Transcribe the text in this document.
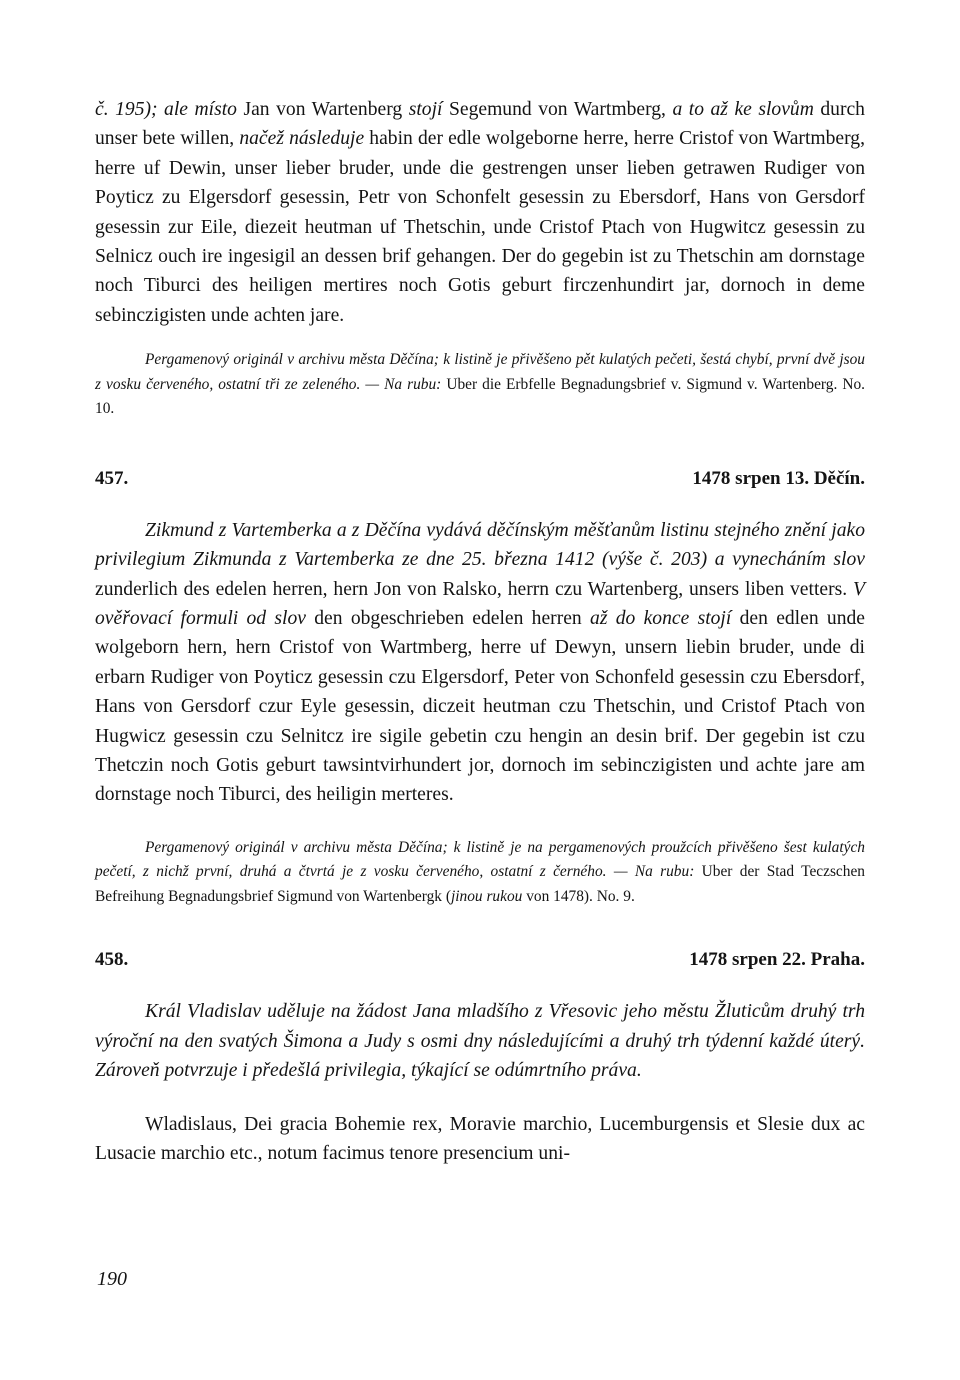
č. 195); ale místo Jan von Wartenberg stojí Segemund von Wartmberg, a to až ke slovům durch unser bete willen, načež následuje habin der edle wolgeborne herre, herre Cristof von Wartmberg, herre uf Dewin, unser lieber bruder, unde die gestrengen unser lieben getrawen Rudiger von Poyticz zu Elgersdorf gesessin, Petr von Schonfelt gesessin zu Ebersdorf, Hans von Gersdorf gesessin zur Eile, diezeit heutman uf Thetschin, unde Cristof Ptach von Hugwitcz gesessin zu Selnicz ouch ire ingesigil an dessen brif gehangen. Der do gegebin ist zu Thetschin am dornstage noch Tiburci des heiligen mertires noch Gotis geburt firczenhundirt jar, dornoch in deme sebinczigisten unde achten jare.

Pergamenový originál v archivu města Děčína; k listině je přivěšeno pět kulatých pečeti, šestá chybí, první dvě jsou z vosku červeného, ostatní tři ze zeleného. — Na rubu: Uber die Erbfelle Begnadungsbrief v. Sigmund v. Wartenberg. No. 10.

457.	1478 srpen 13. Děčín.

Zikmund z Vartemberka a z Děčína vydává děčínským měšťanům listinu stejného znění jako privilegium Zikmunda z Vartemberka ze dne 25. března 1412 (výše č. 203) a vynecháním slov zunderlich des edelen herren, hern Jon von Ralsko, herrn czu Wartenberg, unsers liben vetters. V ověřovací formuli od slov den obgeschrieben edelen herren až do konce stojí den edlen unde wolgeborn hern, hern Cristof von Wartmberg, herre uf Dewyn, unsern liebin bruder, unde di erbarn Rudiger von Poyticz gesessin czu Elgersdorf, Peter von Schonfeld gesessin czu Ebersdorf, Hans von Gersdorf czur Eyle gesessin, diczeit heutman czu Thetschin, und Cristof Ptach von Hugwicz gesessin czu Selnitcz ire sigile gebetin czu hengin an desin brif. Der gegebin ist czu Thetczin noch Gotis geburt tawsintvirhundert jor, dornoch im sebinczigisten und achte jare am dornstage noch Tiburci, des heiligin merteres.

Pergamenový originál v archivu města Děčína; k listině je na pergamenových proužcích přivěšeno šest kulatých pečetí, z nichž první, druhá a čtvrtá je z vosku červeného, ostatní z černého. — Na rubu: Uber der Stad Teczschen Befreihung Begnadungsbrief Sigmund von Wartenbergk (jinou rukou von 1478). No. 9.

458.	1478 srpen 22. Praha.

Král Vladislav uděluje na žádost Jana mladšího z Vřesovic jeho městu Žluticům druhý trh výroční na den svatých Šimona a Judy s osmi dny následujícími a druhý trh týdenní každé úterý. Zároveň potvrzuje i předešlá privilegia, týkající se odúmrtního práva.

Wladislaus, Dei gracia Bohemie rex, Moravie marchio, Lucemburgensis et Slesie dux ac Lusacie marchio etc., notum facimus tenore presencium uni-

190
